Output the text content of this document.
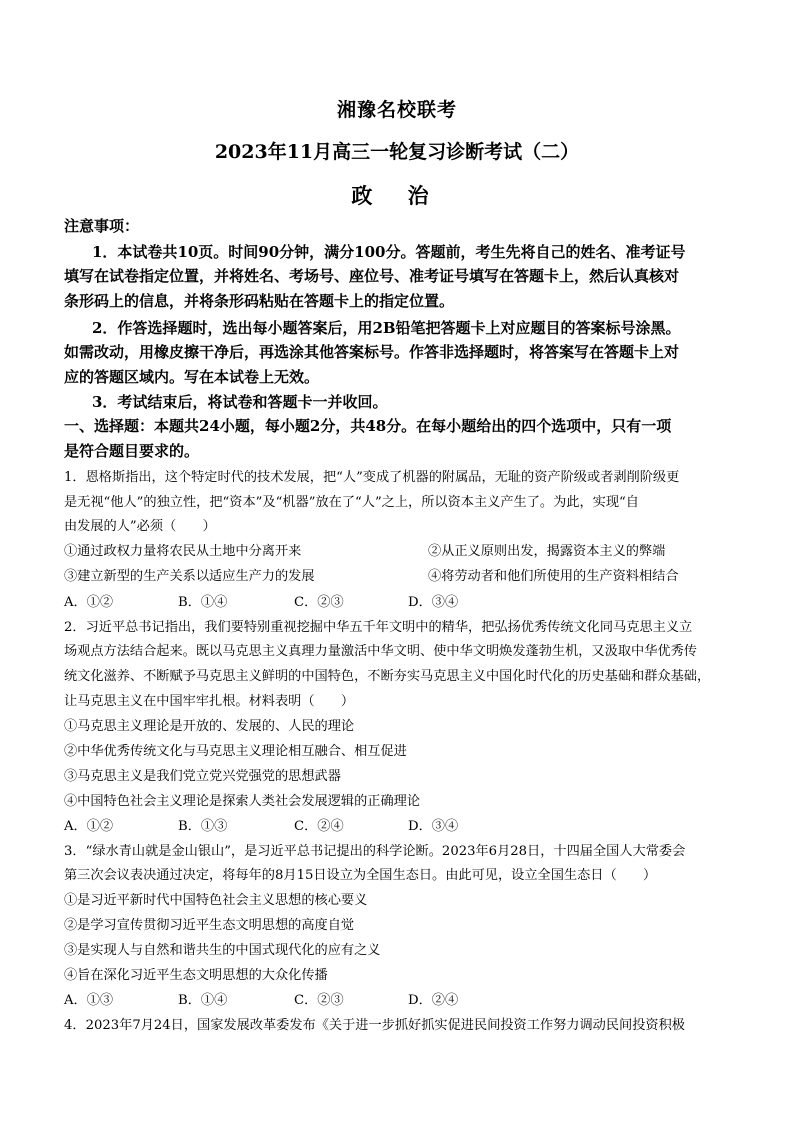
湘豫名校联考
2023年11月高三一轮复习诊断考试（二）
政 治
注意事项：
1．本试卷共10页。时间90分钟，满分100分。答题前，考生先将自己的姓名、准考证号
填写在试卷指定位置，并将姓名、考场号、座位号、准考证号填写在答题卡上，然后认真核对
条形码上的信息，并将条形码粘贴在答题卡上的指定位置。
2．作答选择题时，选出每小题答案后，用2B铅笔把答题卡上对应题目的答案标号涂黑。
如需改动，用橡皮擦干净后，再选涂其他答案标号。作答非选择题时，将答案写在答题卡上对
应的答题区域内。写在本试卷上无效。
3．考试结束后，将试卷和答题卡一并收回。
一、选择题：本题共24小题，每小题2分，共48分。在每小题给出的四个选项中，只有一项
是符合题目要求的。
1．恩格斯指出，这个特定时代的技术发展，把“人”变成了机器的附属品，无耻的资产阶级或者剥削阶级更
是无视“他人”的独立性，把“资本”及“机器”放在了“人”之上，所以资本主义产生了。为此，实现“自
由发展的人”必须（　　）
①通过政权力量将农民从土地中分离开来	②从正义原则出发，揭露资本主义的弊端
③建立新型的生产关系以适应生产力的发展	④将劳动者和他们所使用的生产资料相结合
A．①②	B．①④	C．②③	D．③④
2．习近平总书记指出，我们要特别重视挖掘中华五千年文明中的精华，把弘扬优秀传统文化同马克思主义立
场观点方法结合起来。既以马克思主义真理力量激活中华文明、使中华文明焕发蓬勃生机，又汲取中华优秀传
统文化滋养、不断赋予马克思主义鲜明的中国特色，不断夯实马克思主义中国化时代化的历史基础和群众基础，
让马克思主义在中国牢牢扎根。材料表明（　　）
①马克思主义理论是开放的、发展的、人民的理论
②中华优秀传统文化与马克思主义理论相互融合、相互促进
③马克思主义是我们党立党兴党强党的思想武器
④中国特色社会主义理论是探索人类社会发展逻辑的正确理论
A．①②	B．①③	C．②④	D．③④
3．“绿水青山就是金山银山”，是习近平总书记提出的科学论断。2023年6月28日，十四届全国人大常委会
第三次会议表决通过决定，将每年的8月15日设立为全国生态日。由此可见，设立全国生态日（　　）
①是习近平新时代中国特色社会主义思想的核心要义
②是学习宣传贯彻习近平生态文明思想的高度自觉
③是实现人与自然和谐共生的中国式现代化的应有之义
④旨在深化习近平生态文明思想的大众化传播
A．①③	B．①④	C．②③	D．②④
4．2023年7月24日，国家发展改革委发布《关于进一步抓好抓实促进民间投资工作努力调动民间投资积极
